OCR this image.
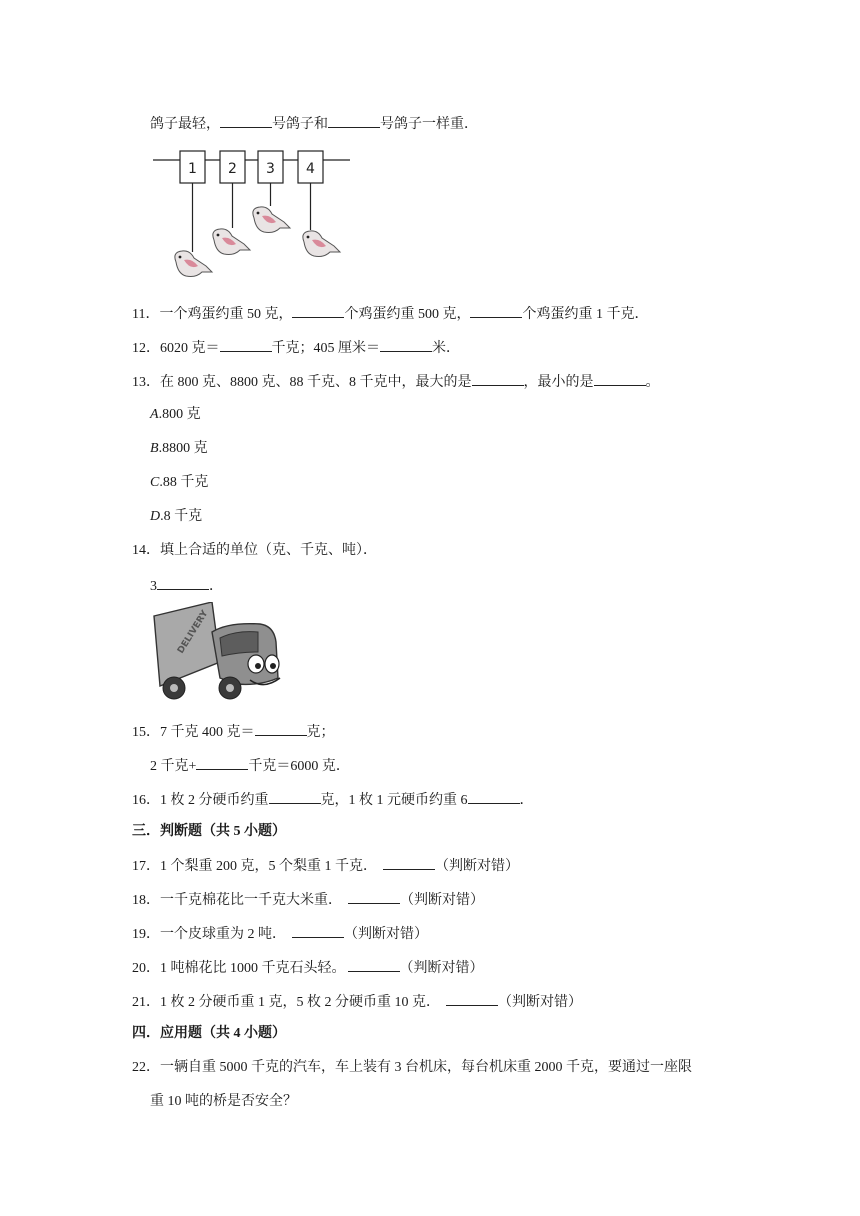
鸽子最轻，	号鸽子和	号鸽子一样重．
1 2 3 4
11．一个鸡蛋约重 50 克，	个鸡蛋约重 500 克，	个鸡蛋约重 1 千克．
12．6020 克＝	千克；405 厘米＝	米．
13．在 800 克、8800 克、88 千克、8 千克中，最大的是	，最小的是	。
A.800 克
B.8800 克
C.88 千克
D.8 千克
14．填上合适的单位（克、千克、吨）．
3	．
DELIVERY
15．7 千克 400 克＝	克；
2 千克+	千克＝6000 克．
16．1 枚 2 分硬币约重	克，1 枚 1 元硬币约重 6	．
三．判断题（共 5 小题）
17．1 个梨重 200 克，5 个梨重 1 千克．	（判断对错）
18．一千克棉花比一千克大米重．	（判断对错）
19．一个皮球重为 2 吨．	（判断对错）
20．1 吨棉花比 1000 千克石头轻。	（判断对错）
21．1 枚 2 分硬币重 1 克，5 枚 2 分硬币重 10 克．	（判断对错）
四．应用题（共 4 小题）
22．一辆自重 5000 千克的汽车，车上装有 3 台机床，每台机床重 2000 千克，要通过一座限
重 10 吨的桥是否安全？
